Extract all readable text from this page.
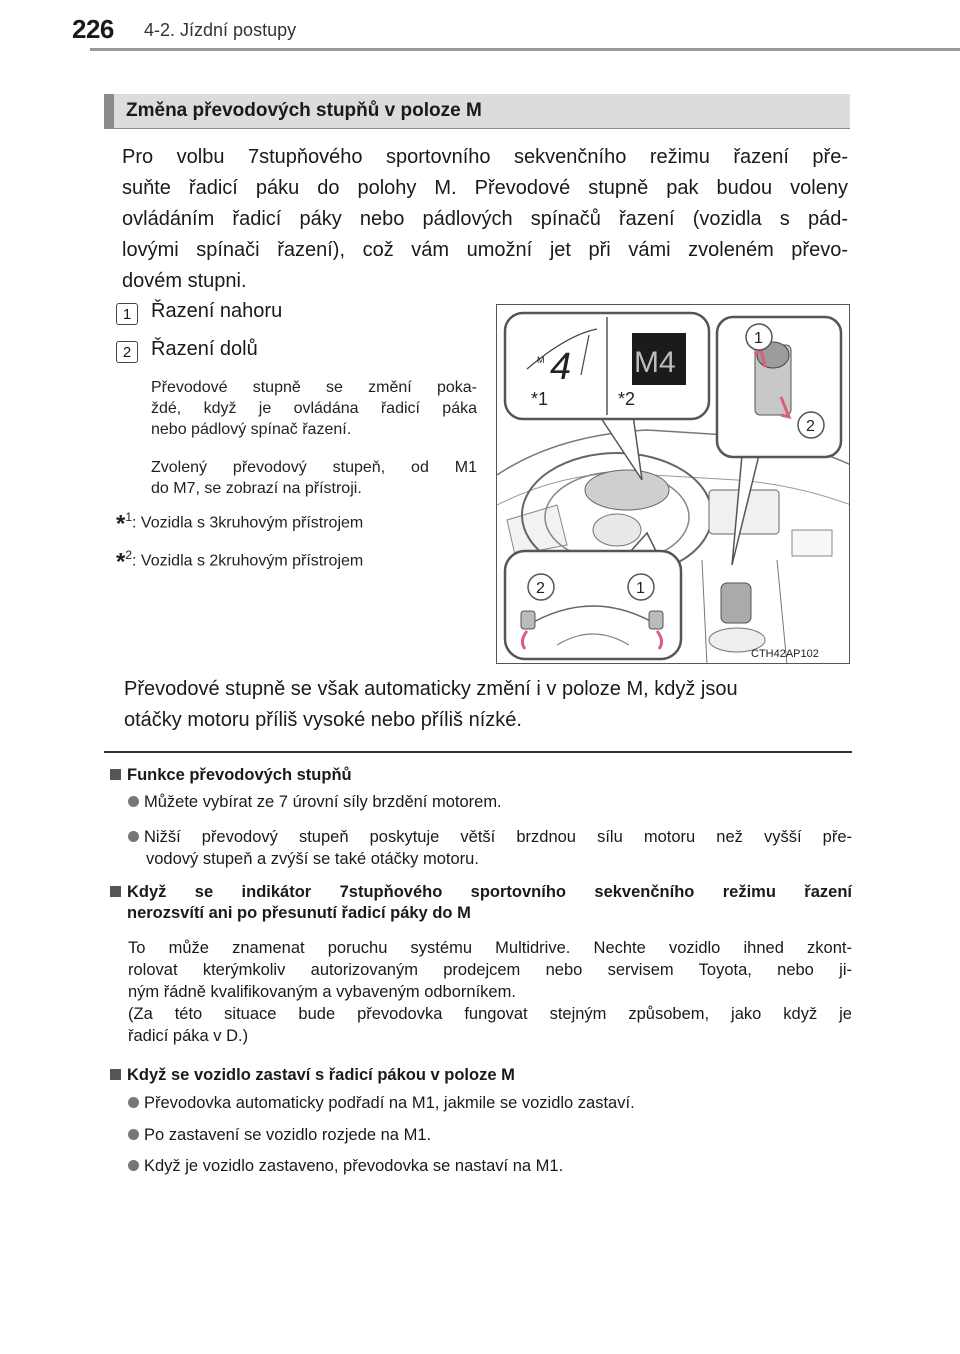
226 4-2. Jízdní postupy
Změna převodových stupňů v poloze M
Pro volbu 7stupňového sportovního sekvenčního režimu řazení pře-
suňte řadicí páku do polohy M. Převodové stupně pak budou voleny
ovládáním řadicí páky nebo pádlových spínačů řazení (vozidla s pád-
lovými spínači řazení), což vám umožní jet při vámi zvoleném převo-
dovém stupni.
1 Řazení nahoru
2 Řazení dolů
Převodové stupně se změní poka-
ždé, když je ovládána řadicí páka
nebo pádlový spínač řazení.
Zvolený převodový stupeň, od M1
do M7, se zobrazí na přístroji.
*$^1$: Vozidla s 3kruhovým přístrojem
*$^2$: Vozidla s 2kruhovým přístrojem
M 4
*1
M4
*2
1
2
2	1
CTH42AP102
Převodové stupně se však automaticky změní i v poloze M, když jsou
otáčky motoru příliš vysoké nebo příliš nízké.
Funkce převodových stupňů
Můžete vybírat ze 7 úrovní síly brzdění motorem.
Nižší převodový stupeň poskytuje větší brzdnou sílu motoru než vyšší pře-
vodový stupeň a zvýší se také otáčky motoru.
Když se indikátor 7stupňového sportovního sekvenčního režimu řazení
nerozsvítí ani po přesunutí řadicí páky do M
To může znamenat poruchu systému Multidrive. Nechte vozidlo ihned zkont-
rolovat kterýmkoliv autorizovaným prodejcem nebo servisem Toyota, nebo ji-
ným řádně kvalifikovaným a vybaveným odborníkem.
(Za této situace bude převodovka fungovat stejným způsobem, jako když je
řadicí páka v D.)
Když se vozidlo zastaví s řadicí pákou v poloze M
Převodovka automaticky podřadí na M1, jakmile se vozidlo zastaví.
Po zastavení se vozidlo rozjede na M1.
Když je vozidlo zastaveno, převodovka se nastaví na M1.
